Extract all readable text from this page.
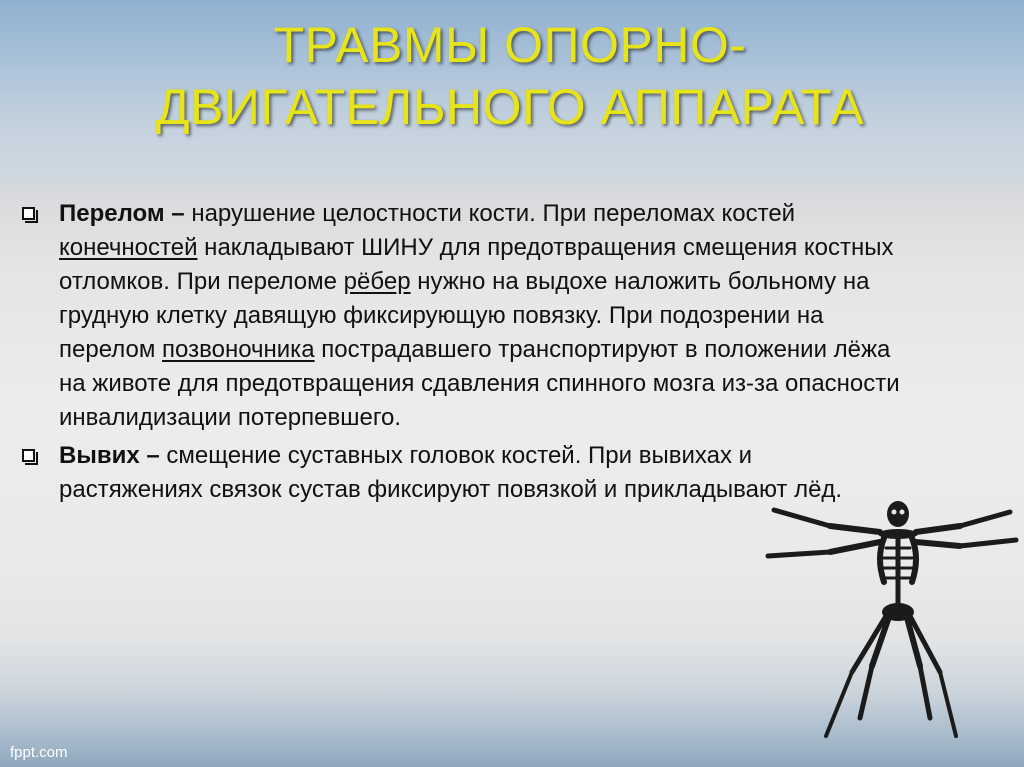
ТРАВМЫ ОПОРНО-
ДВИГАТЕЛЬНОГО АППАРАТА
Перелом – нарушение целостности кости. При переломах костей конечностей накладывают ШИНУ для предотвращения смещения костных отломков. При переломе рёбер нужно на выдохе наложить больному на грудную клетку давящую фиксирующую повязку. При подозрении на перелом позвоночника пострадавшего транспортируют в положении лёжа на животе для предотвращения сдавления спинного мозга из-за опасности инвалидизации потерпевшего.
Вывих – смещение суставных головок костей. При вывихах и растяжениях связок сустав фиксируют повязкой и прикладывают лёд.
fppt.com
